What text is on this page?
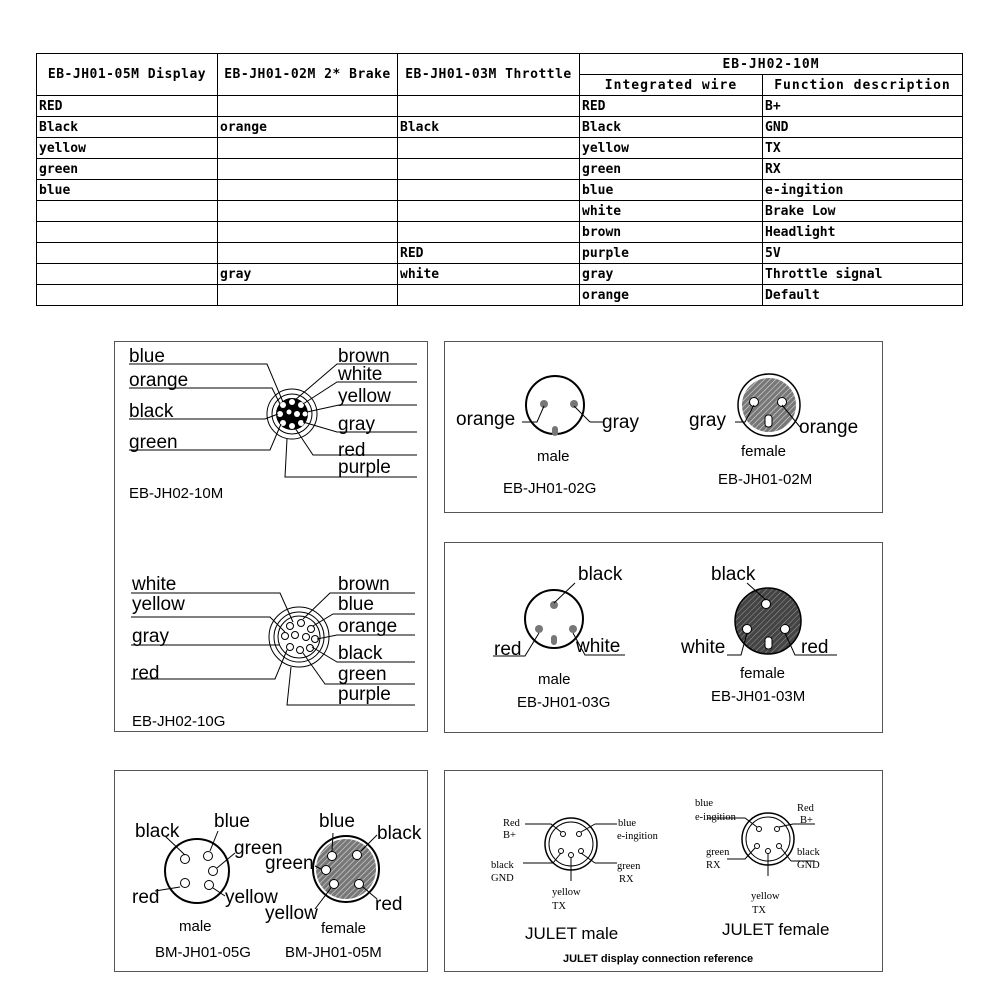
EB-JH01-05M Display	EB-JH01-02M 2* Brake	EB-JH01-03M Throttle	EB-JH02-10M	
			Integrated wire	Function description
RED			RED	B+
Black	orange	Black	Black	GND
yellow			yellow	TX
green			green	RX
blue			blue	e-ingition
			white	Brake Low
			brown	Headlight
		RED	purple	5V
	gray	white	gray	Throttle signal
			orange	Default
blue
orange
black
green
brown
white
yellow
gray
red
purple
EB-JH02-10M
white
yellow
gray
red
brown
blue
orange
black
green
purple
EB-JH02-10G
orange	gray
male
EB-JH01-02G
gray	orange
female
EB-JH01-02M
black
red	white
male
EB-JH01-03G
black
white	red
female
EB-JH01-03M
black blue
green
red	yellow
male
BM-JH01-05G
blue
black
green
yellow	red
female
BM-JH01-05M
Red
B+
blue
e-ingition
black
GND
green
RX
yellow
TX
JULET male
blue
e-ingition
Red
B+
green
RX
black
GND
yellow
TX
JULET female
JULET display connection reference
